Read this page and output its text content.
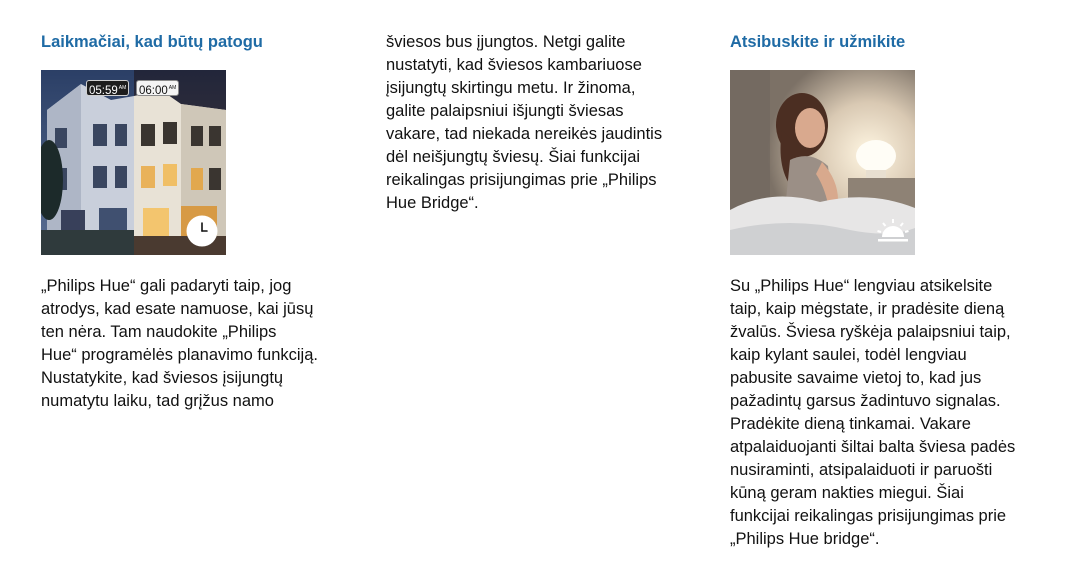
Laikmačiai, kad būtų patogu
$05:59^{AM}$ $06:00^{AM}$
„Philips Hue“ gali padaryti taip, jog
atrodys, kad esate namuose, kai jūsų
ten nėra. Tam naudokite „Philips
Hue“ programėlės planavimo funkciją.
Nustatykite, kad šviesos įsijungtų
numatytu laiku, tad grįžus namo
šviesos bus įjungtos. Netgi galite
nustatyti, kad šviesos kambariuose
įsijungtų skirtingu metu. Ir žinoma,
galite palaipsniui išjungti šviesas
vakare, tad niekada nereikės jaudintis
dėl neišjungtų šviesų. Šiai funkcijai
reikalingas prisijungimas prie „Philips
Hue Bridge“.
Atsibuskite ir užmikite
Su „Philips Hue“ lengviau atsikelsite
taip, kaip mėgstate, ir pradėsite dieną
žvalūs. Šviesa ryškėja palaipsniui taip,
kaip kylant saulei, todėl lengviau
pabusite savaime vietoj to, kad jus
pažadintų garsus žadintuvo signalas.
Pradėkite dieną tinkamai. Vakare
atpalaiduojanti šiltai balta šviesa padės
nusiraminti, atsipalaiduoti ir paruošti
kūną geram nakties miegui. Šiai
funkcijai reikalingas prisijungimas prie
„Philips Hue bridge“.
